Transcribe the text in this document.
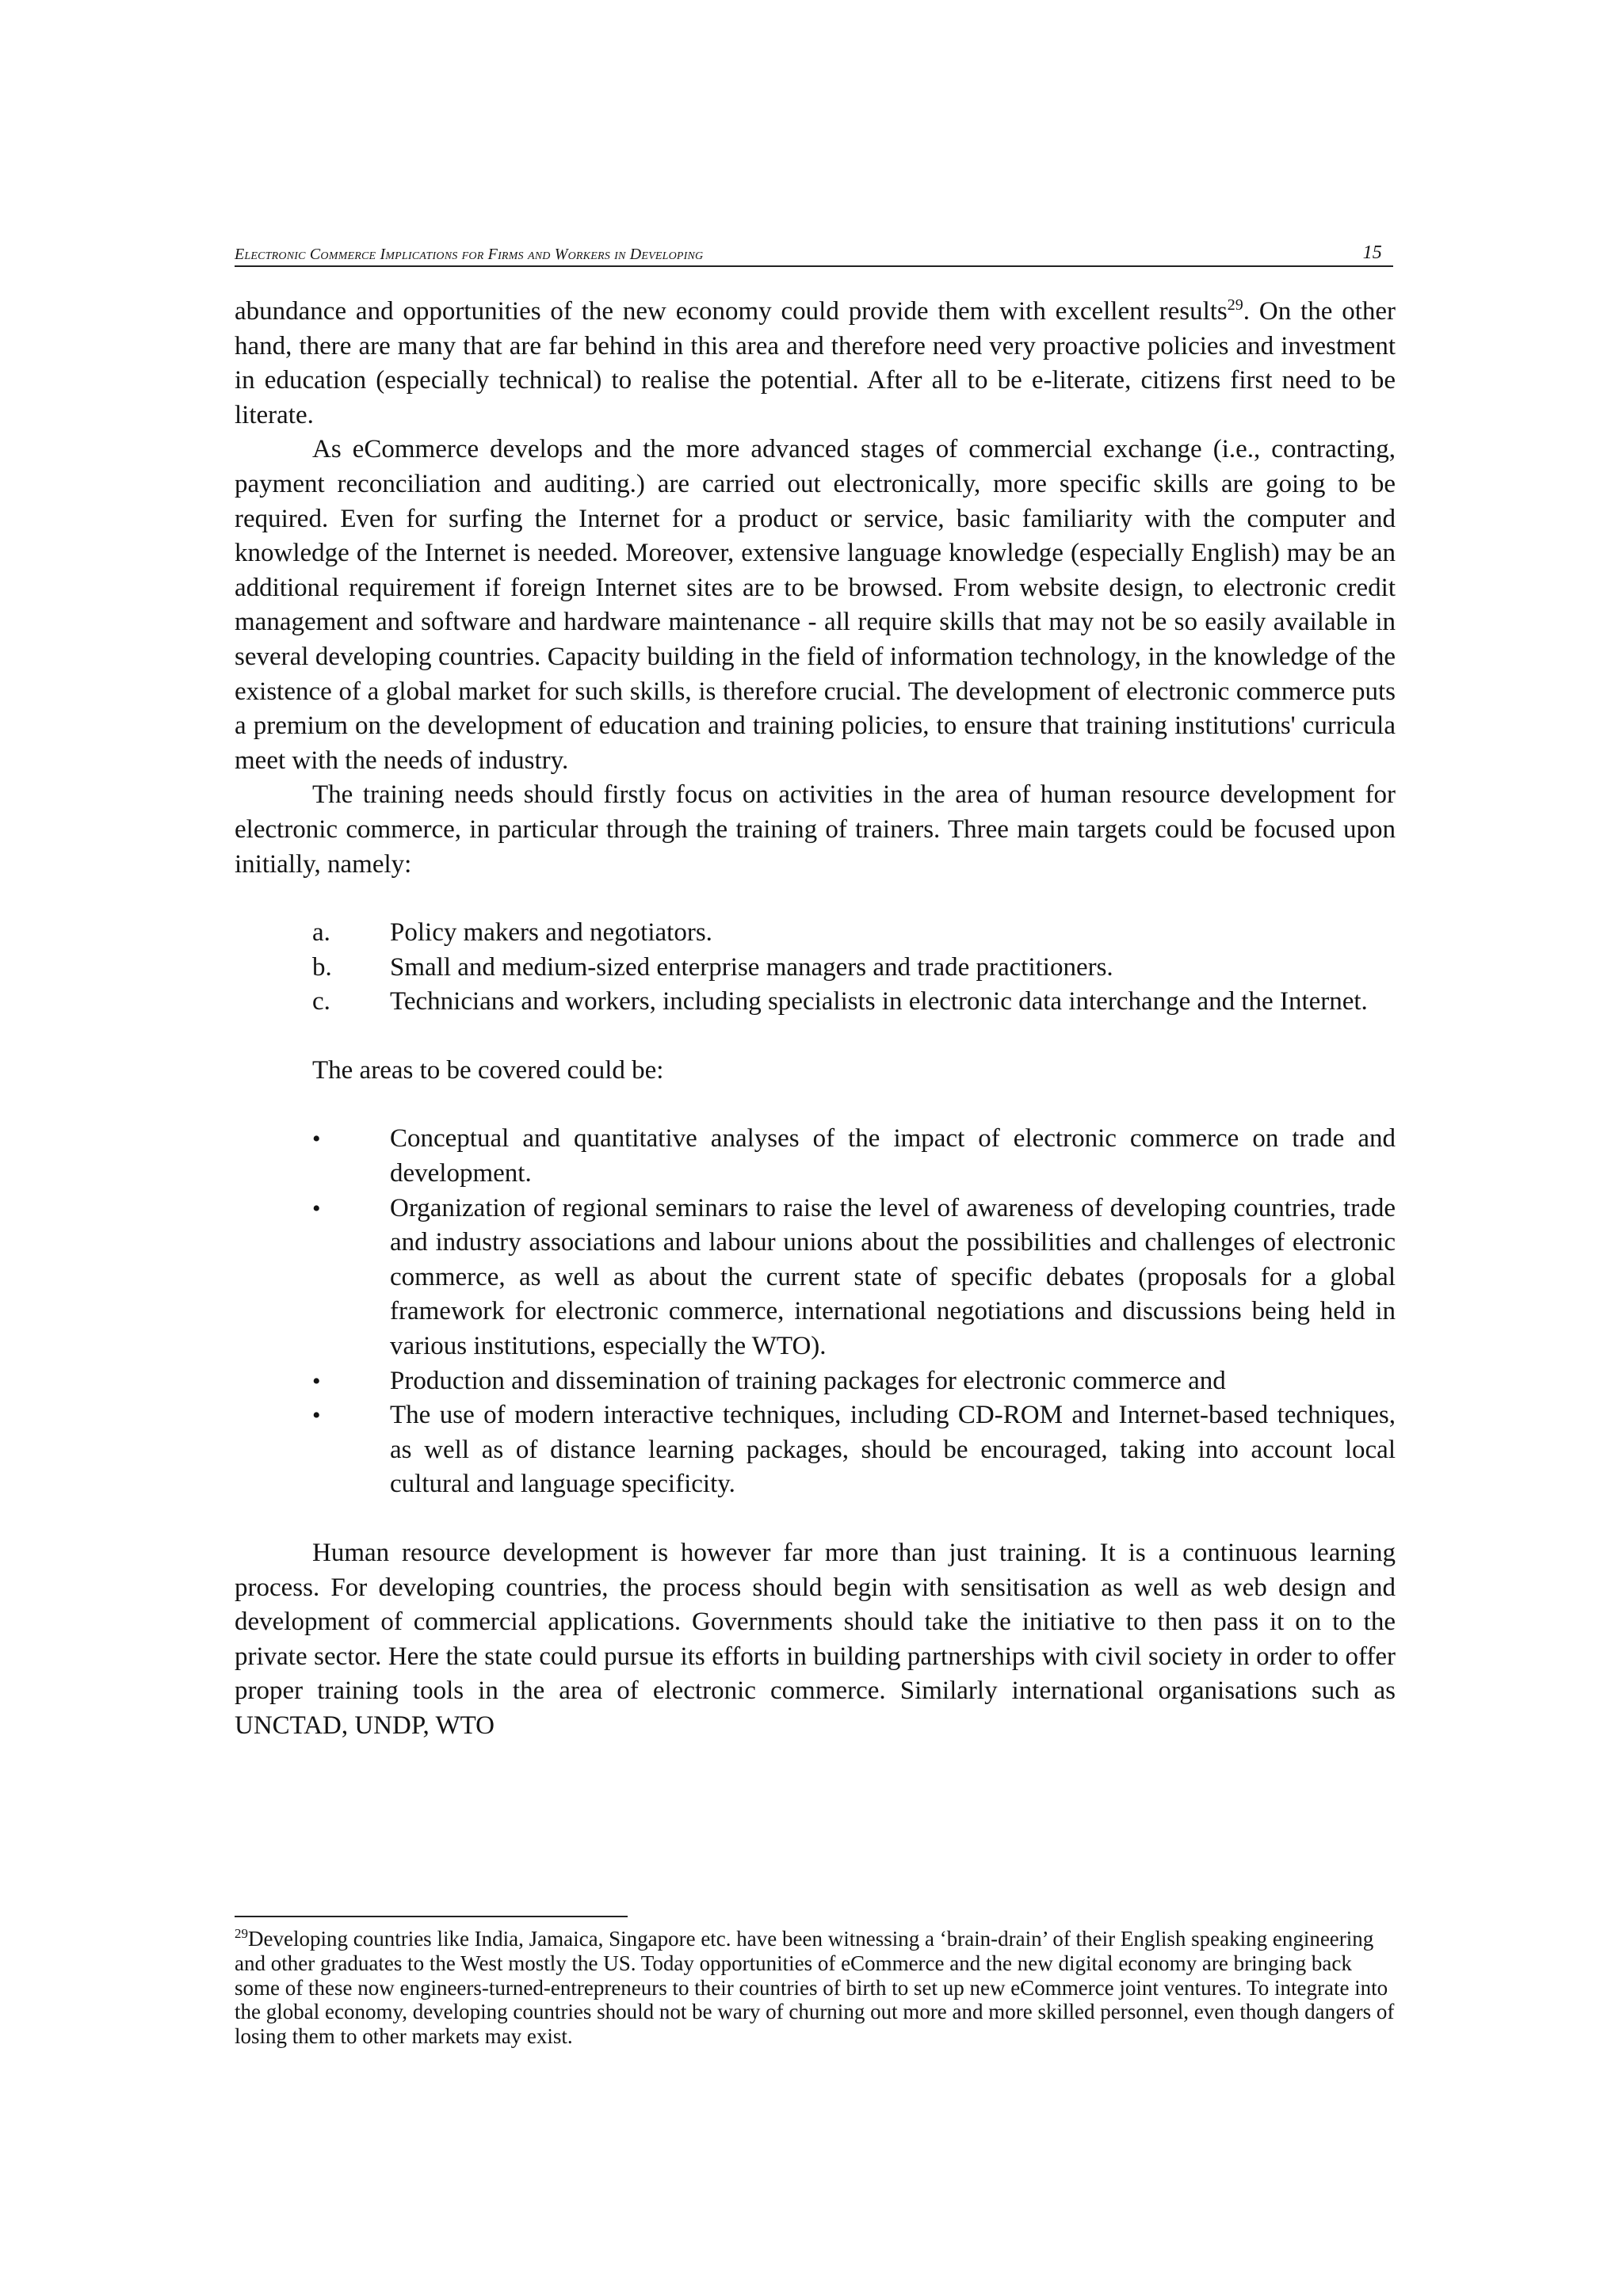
Electronic Commerce Implications for Firms and Workers in Developing	15

abundance and opportunities of the new economy could provide them with excellent results$^{29}$. On the other hand, there are many that are far behind in this area and therefore need very proactive policies and investment in education (especially technical) to realise the potential. After all to be e-literate, citizens first need to be literate.

As eCommerce develops and the more advanced stages of commercial exchange (i.e., contracting, payment reconciliation and auditing.) are carried out electronically, more specific skills are going to be required. Even for surfing the Internet for a product or service, basic familiarity with the computer and knowledge of the Internet is needed. Moreover, extensive language knowledge (especially English) may be an additional requirement if foreign Internet sites are to be browsed. From website design, to electronic credit management and software and hardware maintenance - all require skills that may not be so easily available in several developing countries. Capacity building in the field of information technology, in the knowledge of the existence of a global market for such skills, is therefore crucial. The development of electronic commerce puts a premium on the development of education and training policies, to ensure that training institutions' curricula meet with the needs of industry.

The training needs should firstly focus on activities in the area of human resource development for electronic commerce, in particular through the training of trainers. Three main targets could be focused upon initially, namely:

a.	Policy makers and negotiators.
b.	Small and medium-sized enterprise managers and trade practitioners.
c.	Technicians and workers, including specialists in electronic data interchange and the Internet.

The areas to be covered could be:

•	Conceptual and quantitative analyses of the impact of electronic commerce on trade and development.
•	Organization of regional seminars to raise the level of awareness of developing countries, trade and industry associations and labour unions about the possibilities and challenges of electronic commerce, as well as about the current state of specific debates (proposals for a global framework for electronic commerce, international negotiations and discussions being held in various institutions, especially the WTO).
•	Production and dissemination of training packages for electronic commerce and
•	The use of modern interactive techniques, including CD-ROM and Internet-based techniques, as well as of distance learning packages, should be encouraged, taking into account local cultural and language specificity.

Human resource development is however far more than just training. It is a continuous learning process. For developing countries, the process should begin with sensitisation as well as web design and development of commercial applications. Governments should take the initiative to then pass it on to the private sector. Here the state could pursue its efforts in building partnerships with civil society in order to offer proper training tools in the area of electronic commerce. Similarly international organisations such as UNCTAD, UNDP, WTO

$^{29}$Developing countries like India, Jamaica, Singapore etc. have been witnessing a ‘brain-drain’ of their English speaking engineering and other graduates to the West mostly the US. Today opportunities of eCommerce and the new digital economy are bringing back some of these now engineers-turned-entrepreneurs to their countries of birth to set up new eCommerce joint ventures. To integrate into the global economy, developing countries should not be wary of churning out more and more skilled personnel, even though dangers of losing them to other markets may exist.
